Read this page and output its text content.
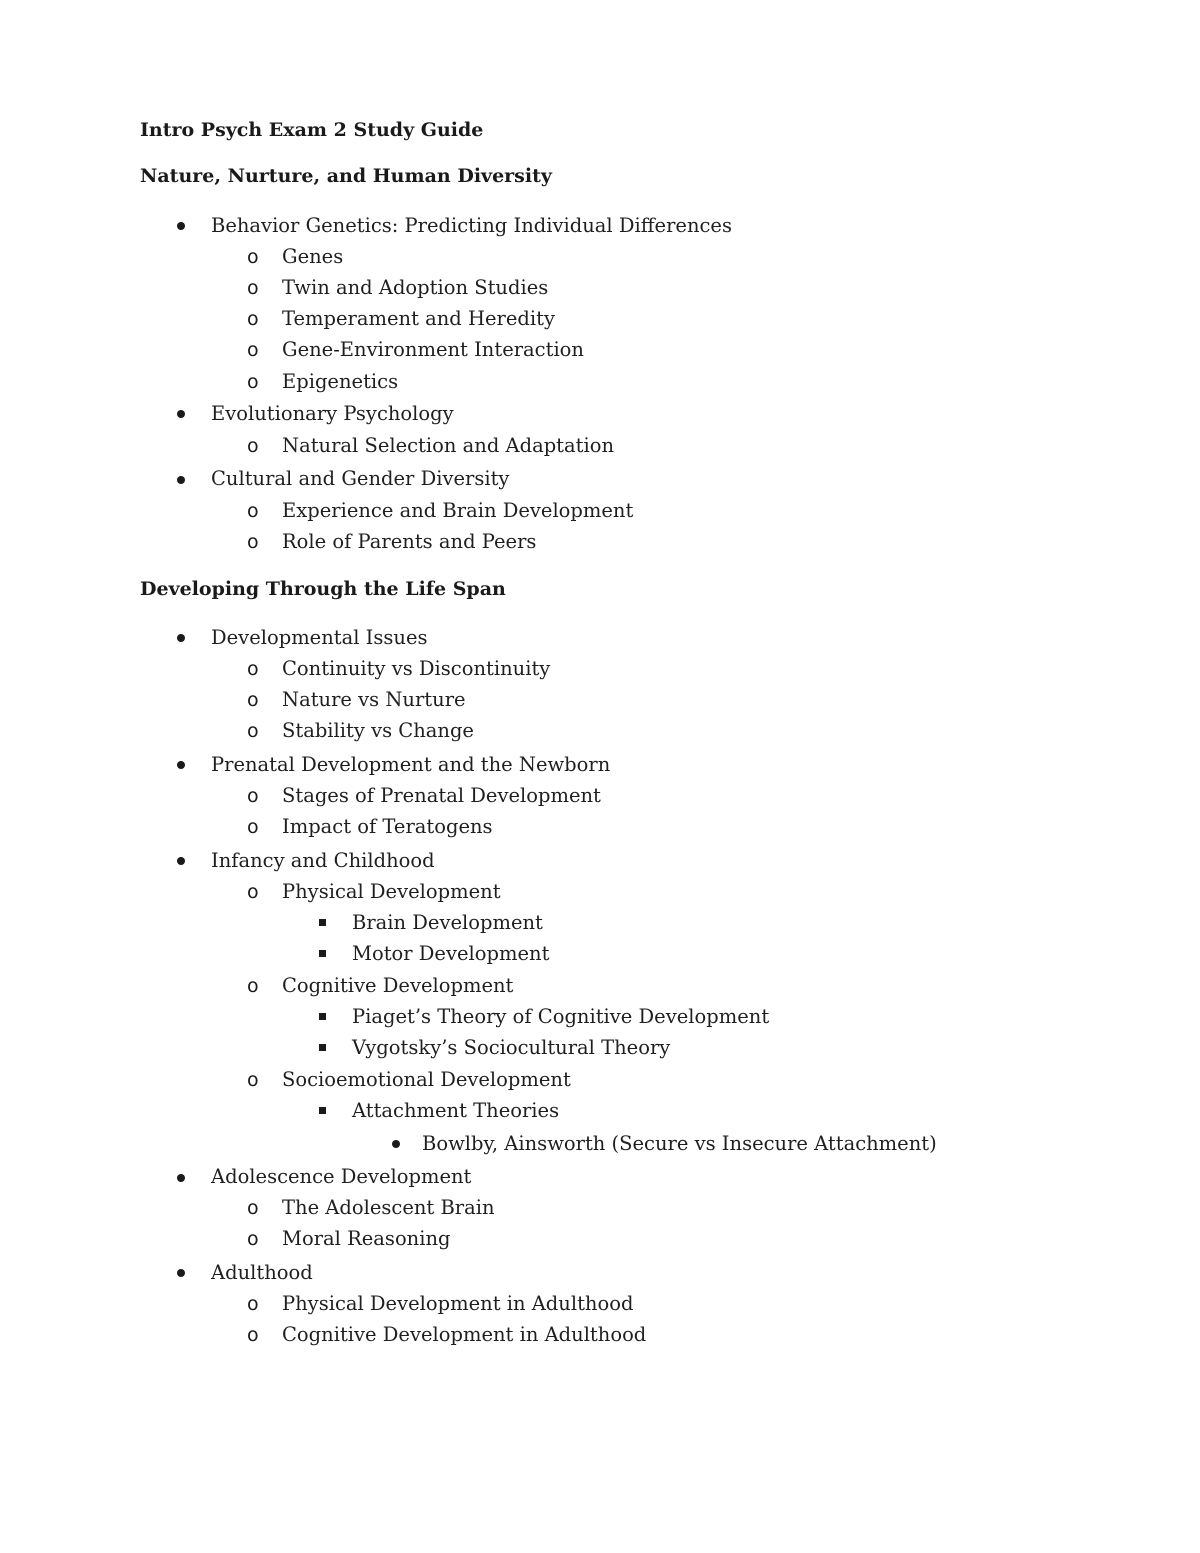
Intro Psych Exam 2 Study Guide
Nature, Nurture, and Human Diversity
Behavior Genetics: Predicting Individual Differences
o Genes
o Twin and Adoption Studies
o Temperament and Heredity
o Gene-Environment Interaction
o Epigenetics
Evolutionary Psychology
o Natural Selection and Adaptation
Cultural and Gender Diversity
o Experience and Brain Development
o Role of Parents and Peers
Developing Through the Life Span
Developmental Issues
o Continuity vs Discontinuity
o Nature vs Nurture
o Stability vs Change
Prenatal Development and the Newborn
o Stages of Prenatal Development
o Impact of Teratogens
Infancy and Childhood
o Physical Development
Brain Development
Motor Development
o Cognitive Development
Piaget’s Theory of Cognitive Development
Vygotsky’s Sociocultural Theory
o Socioemotional Development
Attachment Theories
Bowlby, Ainsworth (Secure vs Insecure Attachment)
Adolescence Development
o The Adolescent Brain
o Moral Reasoning
Adulthood
o Physical Development in Adulthood
o Cognitive Development in Adulthood
